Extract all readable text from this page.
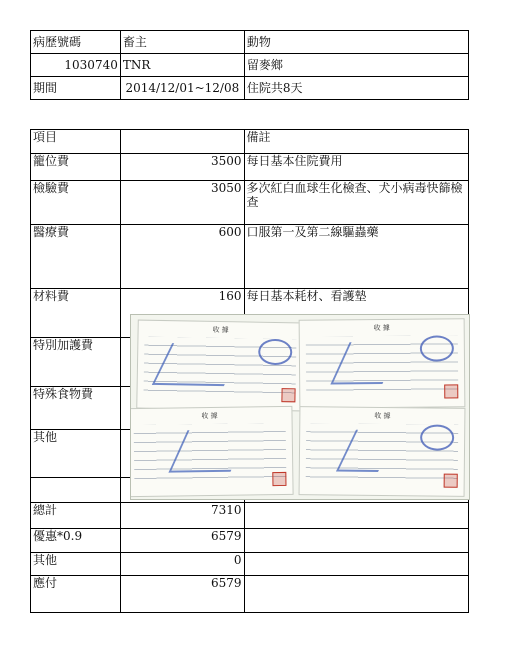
病歷號碼	畜主	動物
1030740	TNR	留麥鄉
期間	2014/12/01~12/08	住院共8天
項目		備註
籠位費	3500	每日基本住院費用
檢驗費	3050	多次紅白血球生化檢查、犬小病毒快篩檢查
醫療費	600	口服第一及第二線驅蟲藥
材料費	160	每日基本耗材、看護墊
特別加護費		
特殊食物費		
其他		

總計	7310	
優惠*0.9	6579	
其他	0	
應付	6579	
收 據	收 據
收 據	收 據
